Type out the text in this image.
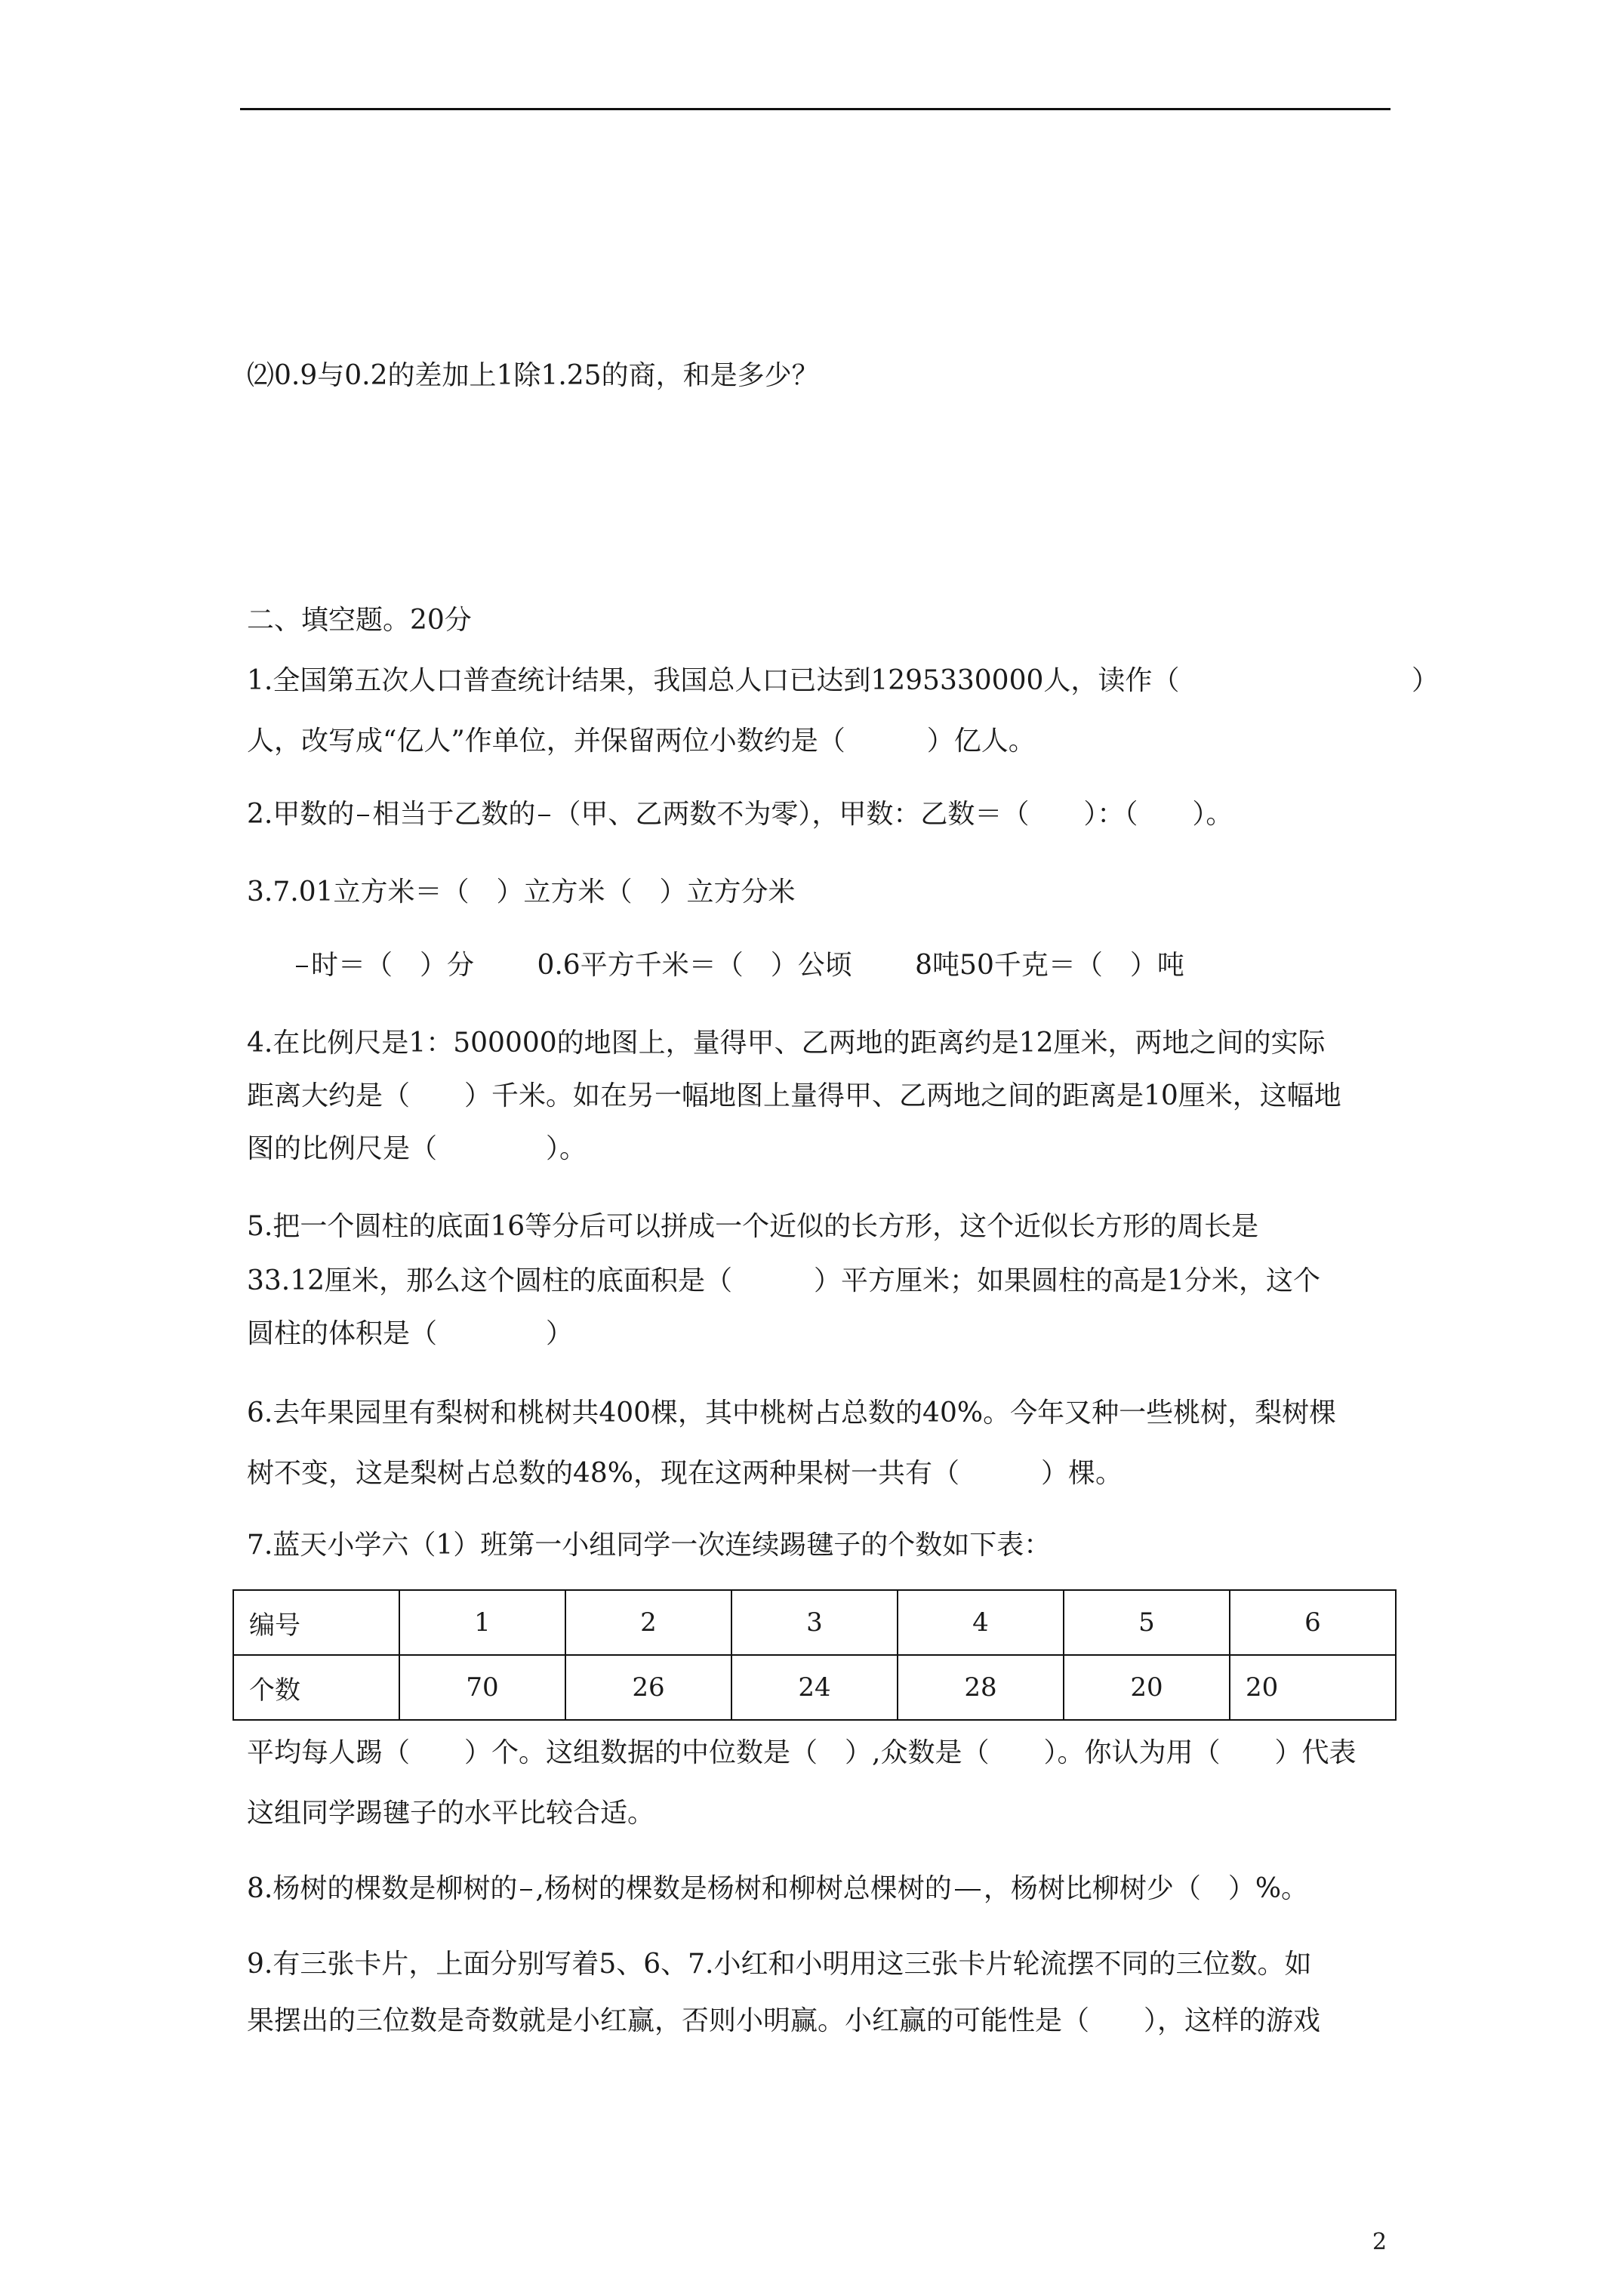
⑵0.9与0.2的差加上1除1.25的商，和是多少？
二、填空题。20分
1.全国第五次人口普查统计结果，我国总人口已达到1295330000人，读作（	）
人，改写成“亿人”作单位，并保留两位小数约是（　　　）亿人。
2.甲数的 相当于乙数的 （甲、乙两数不为零），甲数：乙数＝（　　）：（　　）。
3.7.01立方米＝（　）立方米（　）立方分米
时＝（　）分　　 0.6平方千米＝（　）公顷　　 8吨50千克＝（　）吨
4.在比例尺是1：500000的地图上，量得甲、乙两地的距离约是12厘米，两地之间的实际
距离大约是（　　）千米。如在另一幅地图上量得甲、乙两地之间的距离是10厘米，这幅地
图的比例尺是（　　　　）。
5.把一个圆柱的底面16等分后可以拼成一个近似的长方形，这个近似长方形的周长是
33.12厘米，那么这个圆柱的底面积是（　　　）平方厘米；如果圆柱的高是1分米，这个
圆柱的体积是（　　　　）
6.去年果园里有梨树和桃树共400棵，其中桃树占总数的40%。今年又种一些桃树，梨树棵
树不变，这是梨树占总数的48%，现在这两种果树一共有（　　　）棵。
7.蓝天小学六（1）班第一小组同学一次连续踢毽子的个数如下表：
编号	1	2	3	4	5	6
个数	70	26	24	28	20	20
平均每人踢（　　）个。这组数据的中位数是（　）,众数是（　　）。你认为用（　　）代表
这组同学踢毽子的水平比较合适。
8.杨树的棵数是柳树的 ,杨树的棵数是杨树和柳树总棵树的 ，杨树比柳树少（　）%。
9.有三张卡片，上面分别写着5、6、7.小红和小明用这三张卡片轮流摆不同的三位数。如
果摆出的三位数是奇数就是小红赢，否则小明赢。小红赢的可能性是（　　），这样的游戏
2
